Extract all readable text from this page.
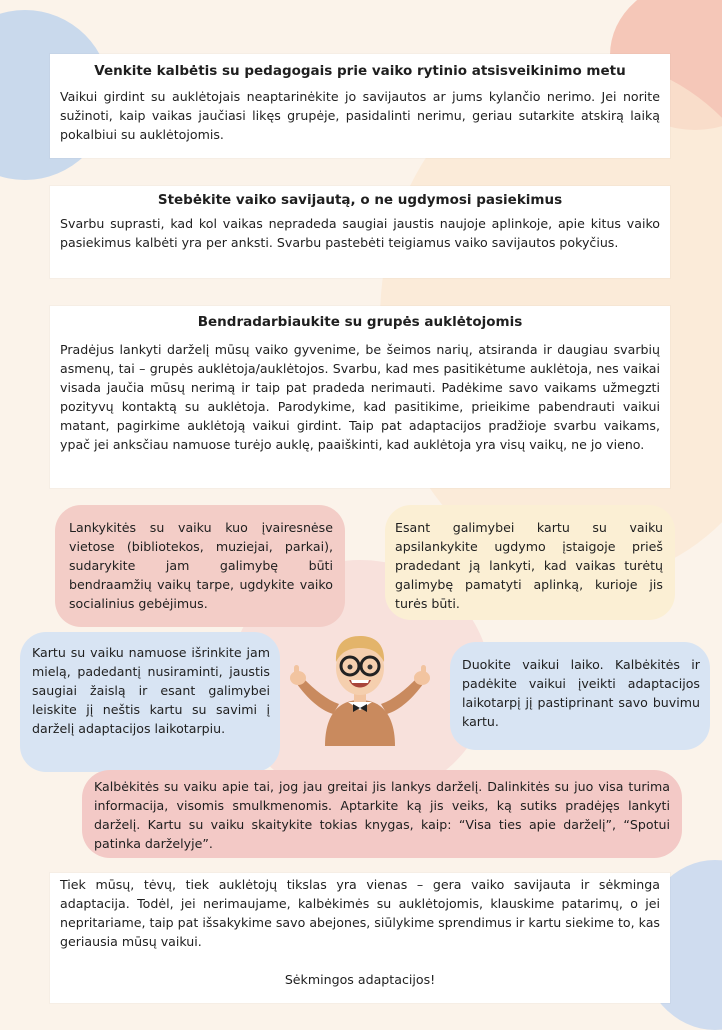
Venkite kalbėtis su pedagogais prie vaiko rytinio atsisveikinimo metu

Vaikui girdint su auklėtojais neaptarinėkite jo savijautos ar jums kylančio nerimo. Jei norite sužinoti, kaip vaikas jaučiasi likęs grupėje, pasidalinti nerimu, geriau sutarkite atskirą laiką pokalbiui su auklėtojomis.

Stebėkite vaiko savijautą, o ne ugdymosi pasiekimus

Svarbu suprasti, kad kol vaikas nepradeda saugiai jaustis naujoje aplinkoje, apie kitus vaiko pasiekimus kalbėti yra per anksti. Svarbu pastebėti teigiamus vaiko savijautos pokyčius.

Bendradarbiaukite su grupės auklėtojomis

Pradėjus lankyti darželį mūsų vaiko gyvenime, be šeimos narių, atsiranda ir daugiau svarbių asmenų, tai – grupės auklėtoja/auklėtojos. Svarbu, kad mes pasitikėtume auklėtoja, nes vaikai visada jaučia mūsų nerimą ir taip pat pradeda nerimauti. Padėkime savo vaikams užmegzti pozityvų kontaktą su auklėtoja. Parodykime, kad pasitikime, prieikime pabendrauti vaikui matant, pagirkime auklėtoją vaikui girdint. Taip pat adaptacijos pradžioje svarbu vaikams, ypač jei anksčiau namuose turėjo auklę, paaiškinti, kad auklėtoja yra visų vaikų, ne jo vieno.

Lankykitės su vaiku kuo įvairesnėse vietose (bibliotekos, muziejai, parkai), sudarykite jam galimybę būti bendraamžių vaikų tarpe, ugdykite vaiko socialinius gebėjimus.

Esant galimybei kartu su vaiku apsilankykite ugdymo įstaigoje prieš pradedant ją lankyti, kad vaikas turėtų galimybę pamatyti aplinką, kurioje jis turės būti.

Kartu su vaiku namuose išrinkite jam mielą, padedantį nusiraminti, jaustis saugiai žaislą ir esant galimybei leiskite jį neštis kartu su savimi į darželį adaptacijos laikotarpiu.

Duokite vaikui laiko. Kalbėkitės ir padėkite vaikui įveikti adaptacijos laikotarpį jį pastiprinant savo buvimu kartu.

Kalbėkitės su vaiku apie tai, jog jau greitai jis lankys darželį. Dalinkitės su juo visa turima informacija, visomis smulkmenomis. Aptarkite ką jis veiks, ką sutiks pradėjęs lankyti darželį. Kartu su vaiku skaitykite tokias knygas, kaip: “Visa ties apie darželį”, “Spotui patinka darželyje”.

Tiek mūsų, tėvų, tiek auklėtojų tikslas yra vienas – gera vaiko savijauta ir sėkminga adaptacija. Todėl, jei nerimaujame, kalbėkimės su auklėtojomis, klauskime patarimų, o jei nepritariame, taip pat išsakykime savo abejones, siūlykime sprendimus ir kartu siekime to, kas geriausia mūsų vaikui.

Sėkmingos adaptacijos!
